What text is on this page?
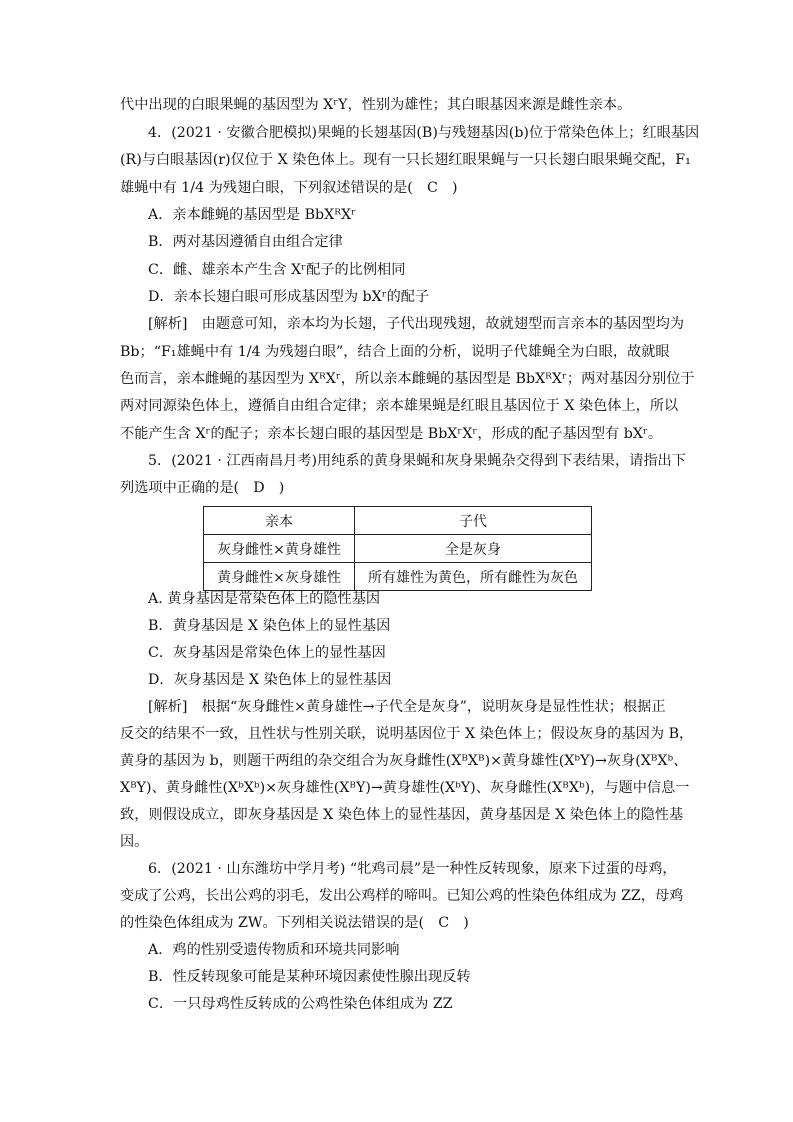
代中出现的白眼果蝇的基因型为 XʳY，性别为雄性；其白眼基因来源是雌性亲本。
4．(2021 · 安徽合肥模拟)果蝇的长翅基因(B)与残翅基因(b)位于常染色体上；红眼基因
(R)与白眼基因(r)仅位于 X 染色体上。现有一只长翅红眼果蝇与一只长翅白眼果蝇交配，F₁
雄蝇中有 1/4 为残翅白眼，下列叙述错误的是(　C　)
A．亲本雌蝇的基因型是 BbXᴿXʳ
B．两对基因遵循自由组合定律
C．雌、雄亲本产生含 Xʳ配子的比例相同
D．亲本长翅白眼可形成基因型为 bXʳ的配子
[解析]　由题意可知，亲本均为长翅，子代出现残翅，故就翅型而言亲本的基因型均为
Bb；“F₁雄蝇中有 1/4 为残翅白眼”，结合上面的分析，说明子代雄蝇全为白眼，故就眼
色而言，亲本雌蝇的基因型为 XᴿXʳ，所以亲本雌蝇的基因型是 BbXᴿXʳ；两对基因分别位于
两对同源染色体上，遵循自由组合定律；亲本雄果蝇是红眼且基因位于 X 染色体上，所以
不能产生含 Xʳ的配子；亲本长翅白眼的基因型是 BbXʳXʳ，形成的配子基因型有 bXʳ。
5．(2021 · 江西南昌月考)用纯系的黄身果蝇和灰身果蝇杂交得到下表结果，请指出下
列选项中正确的是(　D　)
亲本	子代
灰身雌性×黄身雄性	全是灰身
黄身雌性×灰身雄性	所有雄性为黄色，所有雌性为灰色
A. 黄身基因是常染色体上的隐性基因
B．黄身基因是 X 染色体上的显性基因
C．灰身基因是常染色体上的显性基因
D．灰身基因是 X 染色体上的显性基因
[解析]　根据“灰身雌性×黄身雄性→子代全是灰身”，说明灰身是显性性状；根据正
反交的结果不一致，且性状与性别关联，说明基因位于 X 染色体上；假设灰身的基因为 B，
黄身的基因为 b，则题干两组的杂交组合为灰身雌性(XᴮXᴮ)×黄身雄性(XᵇY)→灰身(XᴮXᵇ、
XᴮY)、黄身雌性(XᵇXᵇ)×灰身雄性(XᴮY)→黄身雄性(XᵇY)、灰身雌性(XᴮXᵇ)，与题中信息一
致，则假设成立，即灰身基因是 X 染色体上的显性基因，黄身基因是 X 染色体上的隐性基
因。
6．(2021 · 山东潍坊中学月考) “牝鸡司晨”是一种性反转现象，原来下过蛋的母鸡，
变成了公鸡，长出公鸡的羽毛，发出公鸡样的啼叫。已知公鸡的性染色体组成为 ZZ，母鸡
的性染色体组成为 ZW。下列相关说法错误的是(　C　)
A．鸡的性别受遗传物质和环境共同影响
B．性反转现象可能是某种环境因素使性腺出现反转
C．一只母鸡性反转成的公鸡性染色体组成为 ZZ
